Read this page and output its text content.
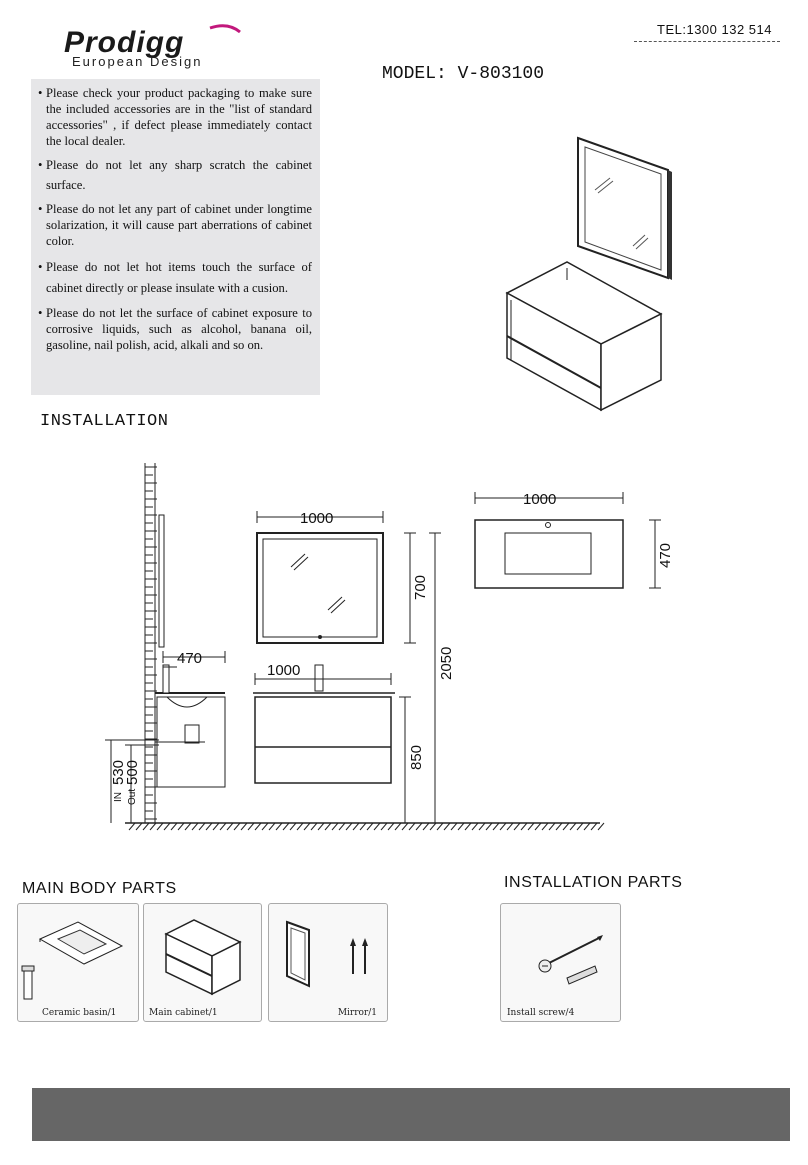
TEL:1300 132 514
Prodigg
European Design
MODEL: V-803100
• Please check your product packaging to make sure the included accessories are in the "list of standard accessories" , if defect please immediately contact the local dealer.
• Please do not let any sharp scratch the cabinet surface.
• Please do not let any part of cabinet under longtime solarization, it will cause part aberrations of cabinet color.
• Please do not let hot items touch the surface of cabinet directly or please insulate with a cusion.
• Please do not let the surface of cabinet exposure to corrosive liquids, such as alcohol, banana oil, gasoline, nail polish, acid, alkali and so on.
INSTALLATION
1000
700
1000	2050
850
470
530
500
1000
470
IN Out
MAIN BODY PARTS
Ceramic basin/1	Main cabinet/1	Mirror/1
INSTALLATION PARTS
Install screw/4
